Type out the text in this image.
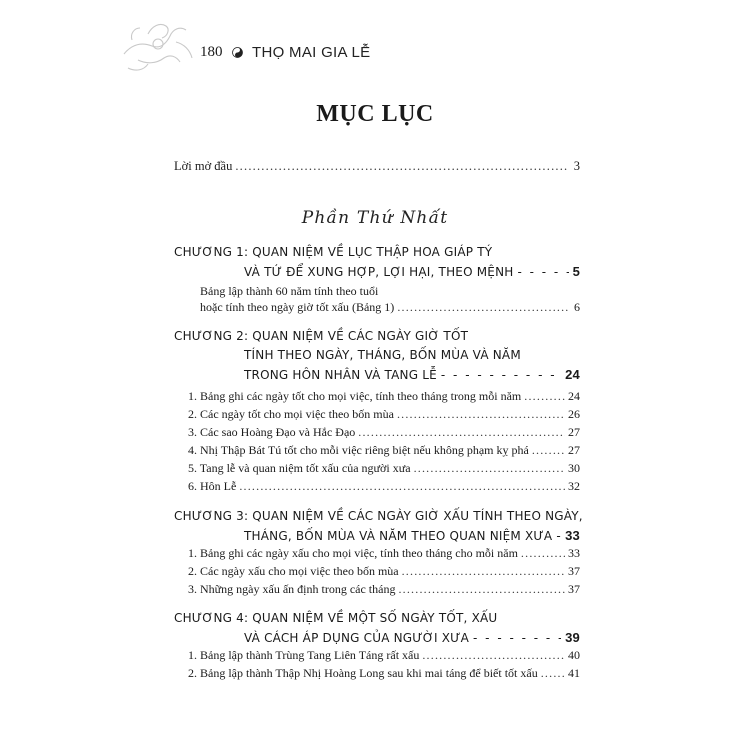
180 THỌ MAI GIA LỄ
MỤC LỤC
Lời mở đầu .....	3
Phần Thứ Nhất
CHƯƠNG 1: QUAN NIỆM VỀ LỤC THẬP HOA GIÁP TÝ
VÀ TỨ ĐỂ XUNG HỢP, LỢI HẠI, THEO MỆNH - - -	5
Bảng lập thành 60 năm tính theo tuổi
hoặc tính theo ngày giờ tốt xấu (Bảng 1) .....	6
CHƯƠNG 2: QUAN NIỆM VỀ CÁC NGÀY GIỜ TỐT
TÍNH THEO NGÀY, THÁNG, BỐN MÙA VÀ NĂM
TRONG HÔN NHÂN VÀ TANG LỄ - - -	24
1. Bảng ghi các ngày tốt cho mọi việc, tính theo tháng trong mỗi năm .....	24
2. Các ngày tốt cho mọi việc theo bốn mùa .....	26
3. Các sao Hoàng Đạo và Hắc Đạo .....	27
4. Nhị Thập Bát Tú tốt cho mỗi việc riêng biệt nếu không phạm kỵ phá .....	27
5. Tang lễ và quan niệm tốt xấu của người xưa .....	30
6. Hôn Lễ .....	32
CHƯƠNG 3: QUAN NIỆM VỀ CÁC NGÀY GIỜ XẤU TÍNH THEO NGÀY,
THÁNG, BỐN MÙA VÀ NĂM THEO QUAN NIỆM XƯA - - - 33
1. Bảng ghi các ngày xấu cho mọi việc, tính theo tháng cho mỗi năm .....	33
2. Các ngày xấu cho mọi việc theo bốn mùa .....	37
3. Những ngày xấu ấn định trong các tháng .....	37
CHƯƠNG 4: QUAN NIỆM VỀ MỘT SỐ NGÀY TỐT, XẤU
VÀ CÁCH ÁP DỤNG CỦA NGƯỜI XƯA - - -	39
1. Bảng lập thành Trùng Tang Liên Táng rất xấu .....	40
2. Bảng lập thành Thập Nhị Hoàng Long sau khi mai táng để biết tốt xấu .....	41
